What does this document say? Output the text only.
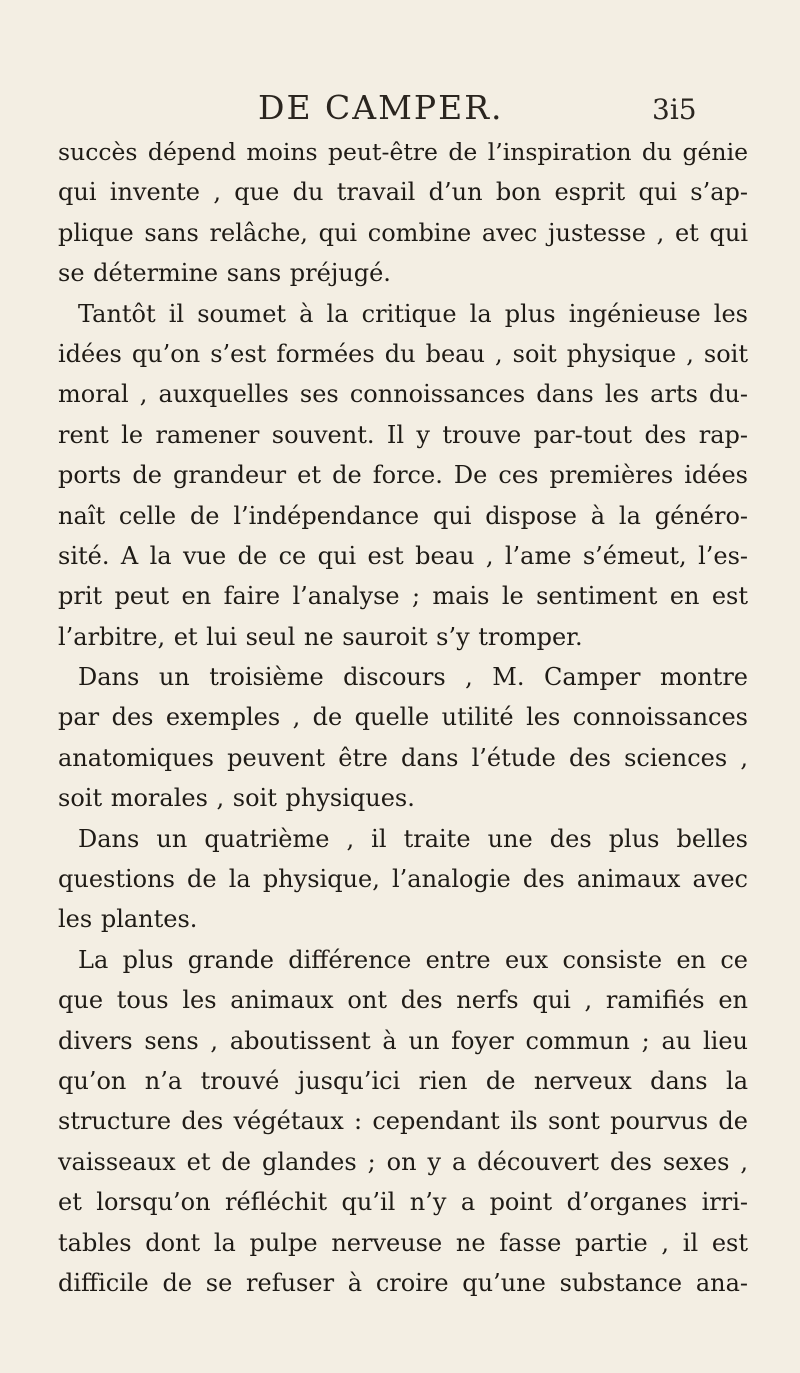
DE CAMPER.	3i5
succès dépend moins peut-être de l’inspiration du génie
qui invente , que du travail d’un bon esprit qui s’ap-
plique sans relâche, qui combine avec justesse , et qui
se détermine sans préjugé.
Tantôt il soumet à la critique la plus ingénieuse les
idées qu’on s’est formées du beau , soit physique , soit
moral , auxquelles ses connoissances dans les arts du-
rent le ramener souvent. Il y trouve par-tout des rap-
ports de grandeur et de force. De ces premières idées
naît celle de l’indépendance qui dispose à la généro-
sité. A la vue de ce qui est beau , l’ame s’émeut, l’es-
prit peut en faire l’analyse ; mais le sentiment en est
l’arbitre, et lui seul ne sauroit s’y tromper.
Dans un troisième discours , M. Camper montre
par des exemples , de quelle utilité les connoissances
anatomiques peuvent être dans l’étude des sciences ,
soit morales , soit physiques.
Dans un quatrième , il traite une des plus belles
questions de la physique, l’analogie des animaux avec
les plantes.
La plus grande différence entre eux consiste en ce
que tous les animaux ont des nerfs qui , ramifiés en
divers sens , aboutissent à un foyer commun ; au lieu
qu’on n’a trouvé jusqu’ici rien de nerveux dans la
structure des végétaux : cependant ils sont pourvus de
vaisseaux et de glandes ; on y a découvert des sexes ,
et lorsqu’on réfléchit qu’il n’y a point d’organes irri-
tables dont la pulpe nerveuse ne fasse partie , il est
difficile de se refuser à croire qu’une substance ana-
